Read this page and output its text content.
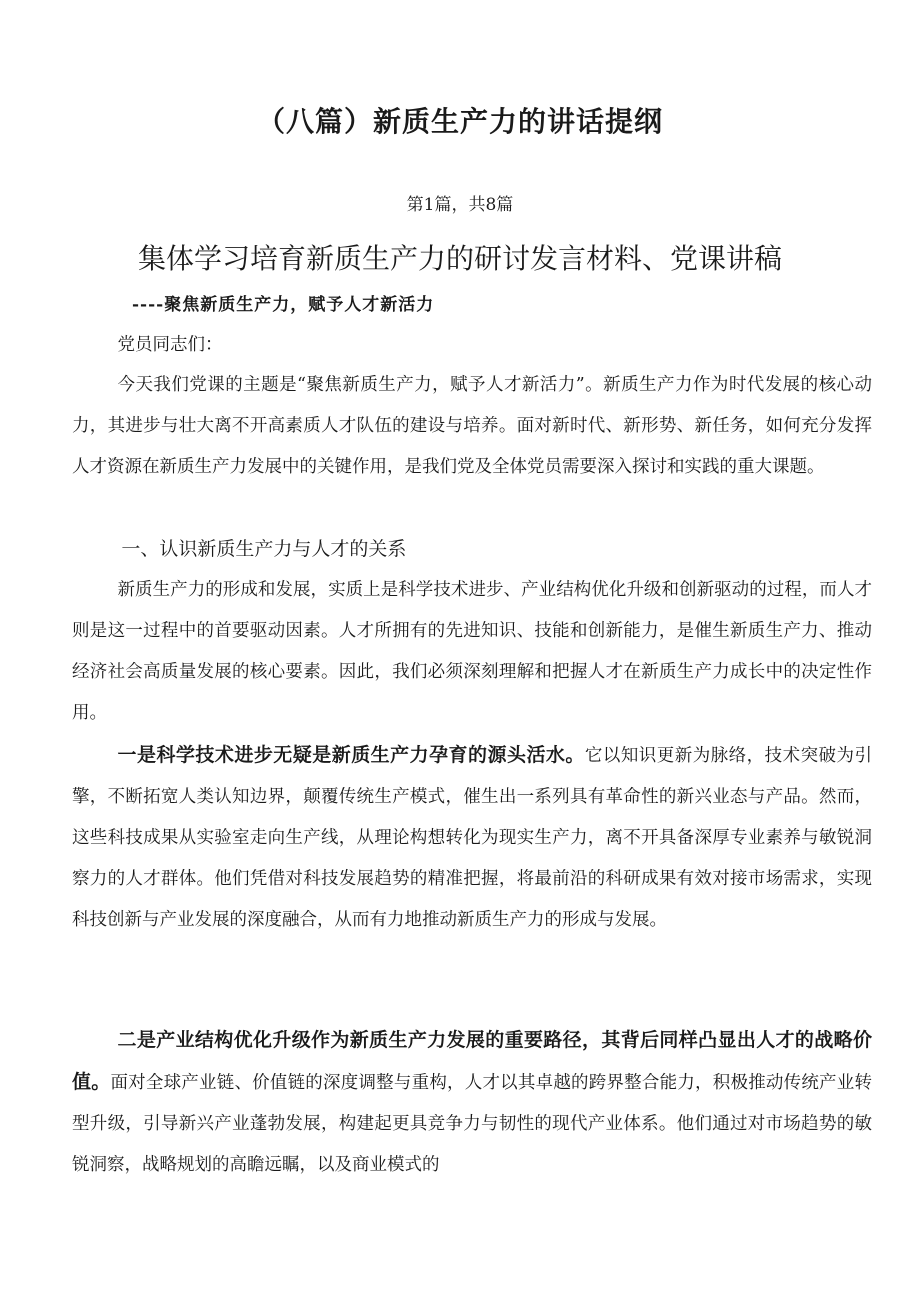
（八篇）新质生产力的讲话提纲

第1篇，共8篇

集体学习培育新质生产力的研讨发言材料、党课讲稿

----聚焦新质生产力，赋予人才新活力

党员同志们：

今天我们党课的主题是“聚焦新质生产力，赋予人才新活力”。新质生产力作为时代发展的核心动力，其进步与壮大离不开高素质人才队伍的建设与培养。面对新时代、新形势、新任务，如何充分发挥人才资源在新质生产力发展中的关键作用，是我们党及全体党员需要深入探讨和实践的重大课题。

一、认识新质生产力与人才的关系

新质生产力的形成和发展，实质上是科学技术进步、产业结构优化升级和创新驱动的过程，而人才则是这一过程中的首要驱动因素。人才所拥有的先进知识、技能和创新能力，是催生新质生产力、推动经济社会高质量发展的核心要素。因此，我们必须深刻理解和把握人才在新质生产力成长中的决定性作用。

一是科学技术进步无疑是新质生产力孕育的源头活水。它以知识更新为脉络，技术突破为引擎，不断拓宽人类认知边界，颠覆传统生产模式，催生出一系列具有革命性的新兴业态与产品。然而，这些科技成果从实验室走向生产线，从理论构想转化为现实生产力，离不开具备深厚专业素养与敏锐洞察力的人才群体。他们凭借对科技发展趋势的精准把握，将最前沿的科研成果有效对接市场需求，实现科技创新与产业发展的深度融合，从而有力地推动新质生产力的形成与发展。

二是产业结构优化升级作为新质生产力发展的重要路径，其背后同样凸显出人才的战略价值。面对全球产业链、价值链的深度调整与重构，人才以其卓越的跨界整合能力，积极推动传统产业转型升级，引导新兴产业蓬勃发展，构建起更具竞争力与韧性的现代产业体系。他们通过对市场趋势的敏锐洞察，战略规划的高瞻远瞩，以及商业模式的
